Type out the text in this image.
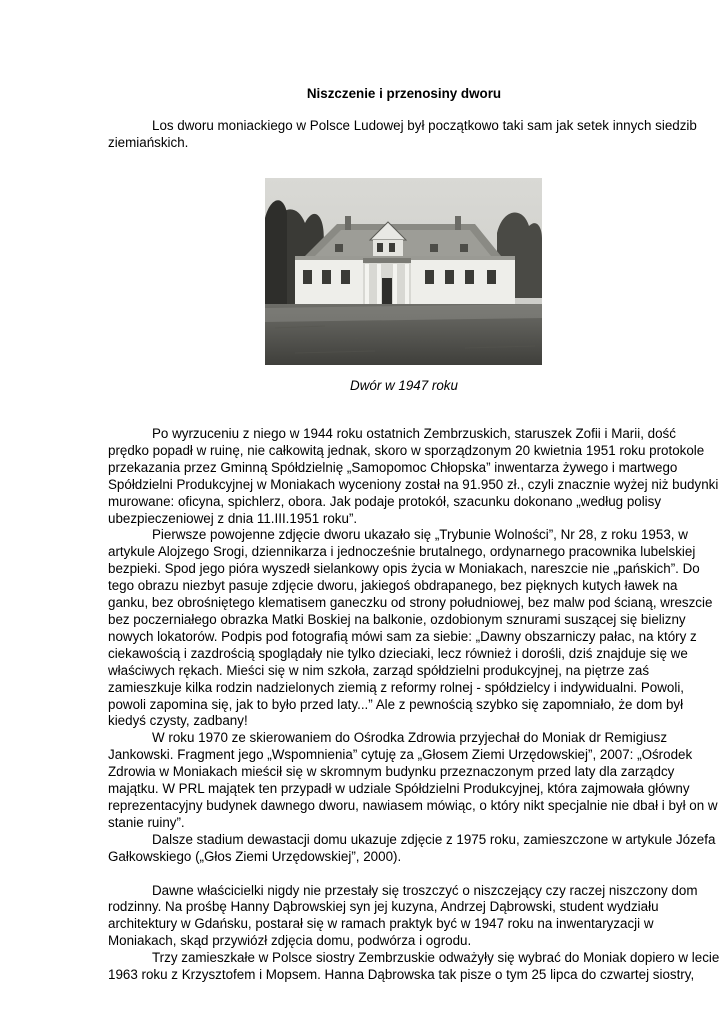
Niszczenie i przenosiny dworu

Los dworu moniackiego w Polsce Ludowej był początkowo taki sam jak setek innych siedzib ziemiańskich.

Dwór w 1947 roku

Po wyrzuceniu z niego w 1944 roku ostatnich Zembrzuskich, staruszek Zofii i Marii, dość prędko popadł w ruinę, nie całkowitą jednak, skoro w sporządzonym 20 kwietnia 1951 roku protokole przekazania przez Gminną Spółdzielnię „Samopomoc Chłopska” inwentarza żywego i martwego Spółdzielni Produkcyjnej w Moniakach wyceniony został na 91.950 zł., czyli znacznie wyżej niż budynki murowane: oficyna, spichlerz, obora. Jak podaje protokół, szacunku dokonano „według polisy ubezpieczeniowej z dnia 11.III.1951 roku”.

Pierwsze powojenne zdjęcie dworu ukazało się „Trybunie Wolności”, Nr 28, z roku 1953, w artykule Alojzego Srogi, dziennikarza i jednocześnie brutalnego, ordynarnego pracownika lubelskiej bezpieki. Spod jego pióra wyszedł sielankowy opis życia w Moniakach, nareszcie nie „pańskich”. Do tego obrazu niezbyt pasuje zdjęcie dworu, jakiegoś obdrapanego, bez pięknych kutych ławek na ganku, bez obrośniętego klematisem ganeczku od strony południowej, bez malw pod ścianą, wreszcie bez poczerniałego obrazka Matki Boskiej na balkonie, ozdobionym sznurami suszącej się bielizny nowych lokatorów. Podpis pod fotografią mówi sam za siebie: „Dawny obszarniczy pałac, na który z ciekawością i zazdrością spoglądały nie tylko dzieciaki, lecz również i dorośli, dziś znajduje się we właściwych rękach. Mieści się w nim szkoła, zarząd spółdzielni produkcyjnej, na piętrze zaś zamieszkuje kilka rodzin nadzielonych ziemią z reformy rolnej - spółdzielcy i indywidualni. Powoli, powoli zapomina się, jak to było przed laty...” Ale z pewnością szybko się zapomniało, że dom był kiedyś czysty, zadbany!

W roku 1970 ze skierowaniem do Ośrodka Zdrowia przyjechał do Moniak dr Remigiusz Jankowski. Fragment jego „Wspomnienia” cytuję za „Głosem Ziemi Urzędowskiej”, 2007: „Ośrodek Zdrowia w Moniakach mieścił się w skromnym budynku przeznaczonym przed laty dla zarządcy majątku. W PRL majątek ten przypadł w udziale Spółdzielni Produkcyjnej, która zajmowała główny reprezentacyjny budynek dawnego dworu, nawiasem mówiąc, o który nikt specjalnie nie dbał i był on w stanie ruiny”.

Dalsze stadium dewastacji domu ukazuje zdjęcie z 1975 roku, zamieszczone w artykule Józefa Gałkowskiego („Głos Ziemi Urzędowskiej”, 2000).

Dawne właścicielki nigdy nie przestały się troszczyć o niszczejący czy raczej niszczony dom rodzinny. Na prośbę Hanny Dąbrowskiej syn jej kuzyna, Andrzej Dąbrowski, student wydziału architektury w Gdańsku, postarał się w ramach praktyk być w 1947 roku na inwentaryzacji w Moniakach, skąd przywiózł zdjęcia domu, podwórza i ogrodu.

Trzy zamieszkałe w Polsce siostry Zembrzuskie odważyły się wybrać do Moniak dopiero w lecie 1963 roku z Krzysztofem i Mopsem. Hanna Dąbrowska tak pisze o tym 25 lipca do czwartej siostry,
